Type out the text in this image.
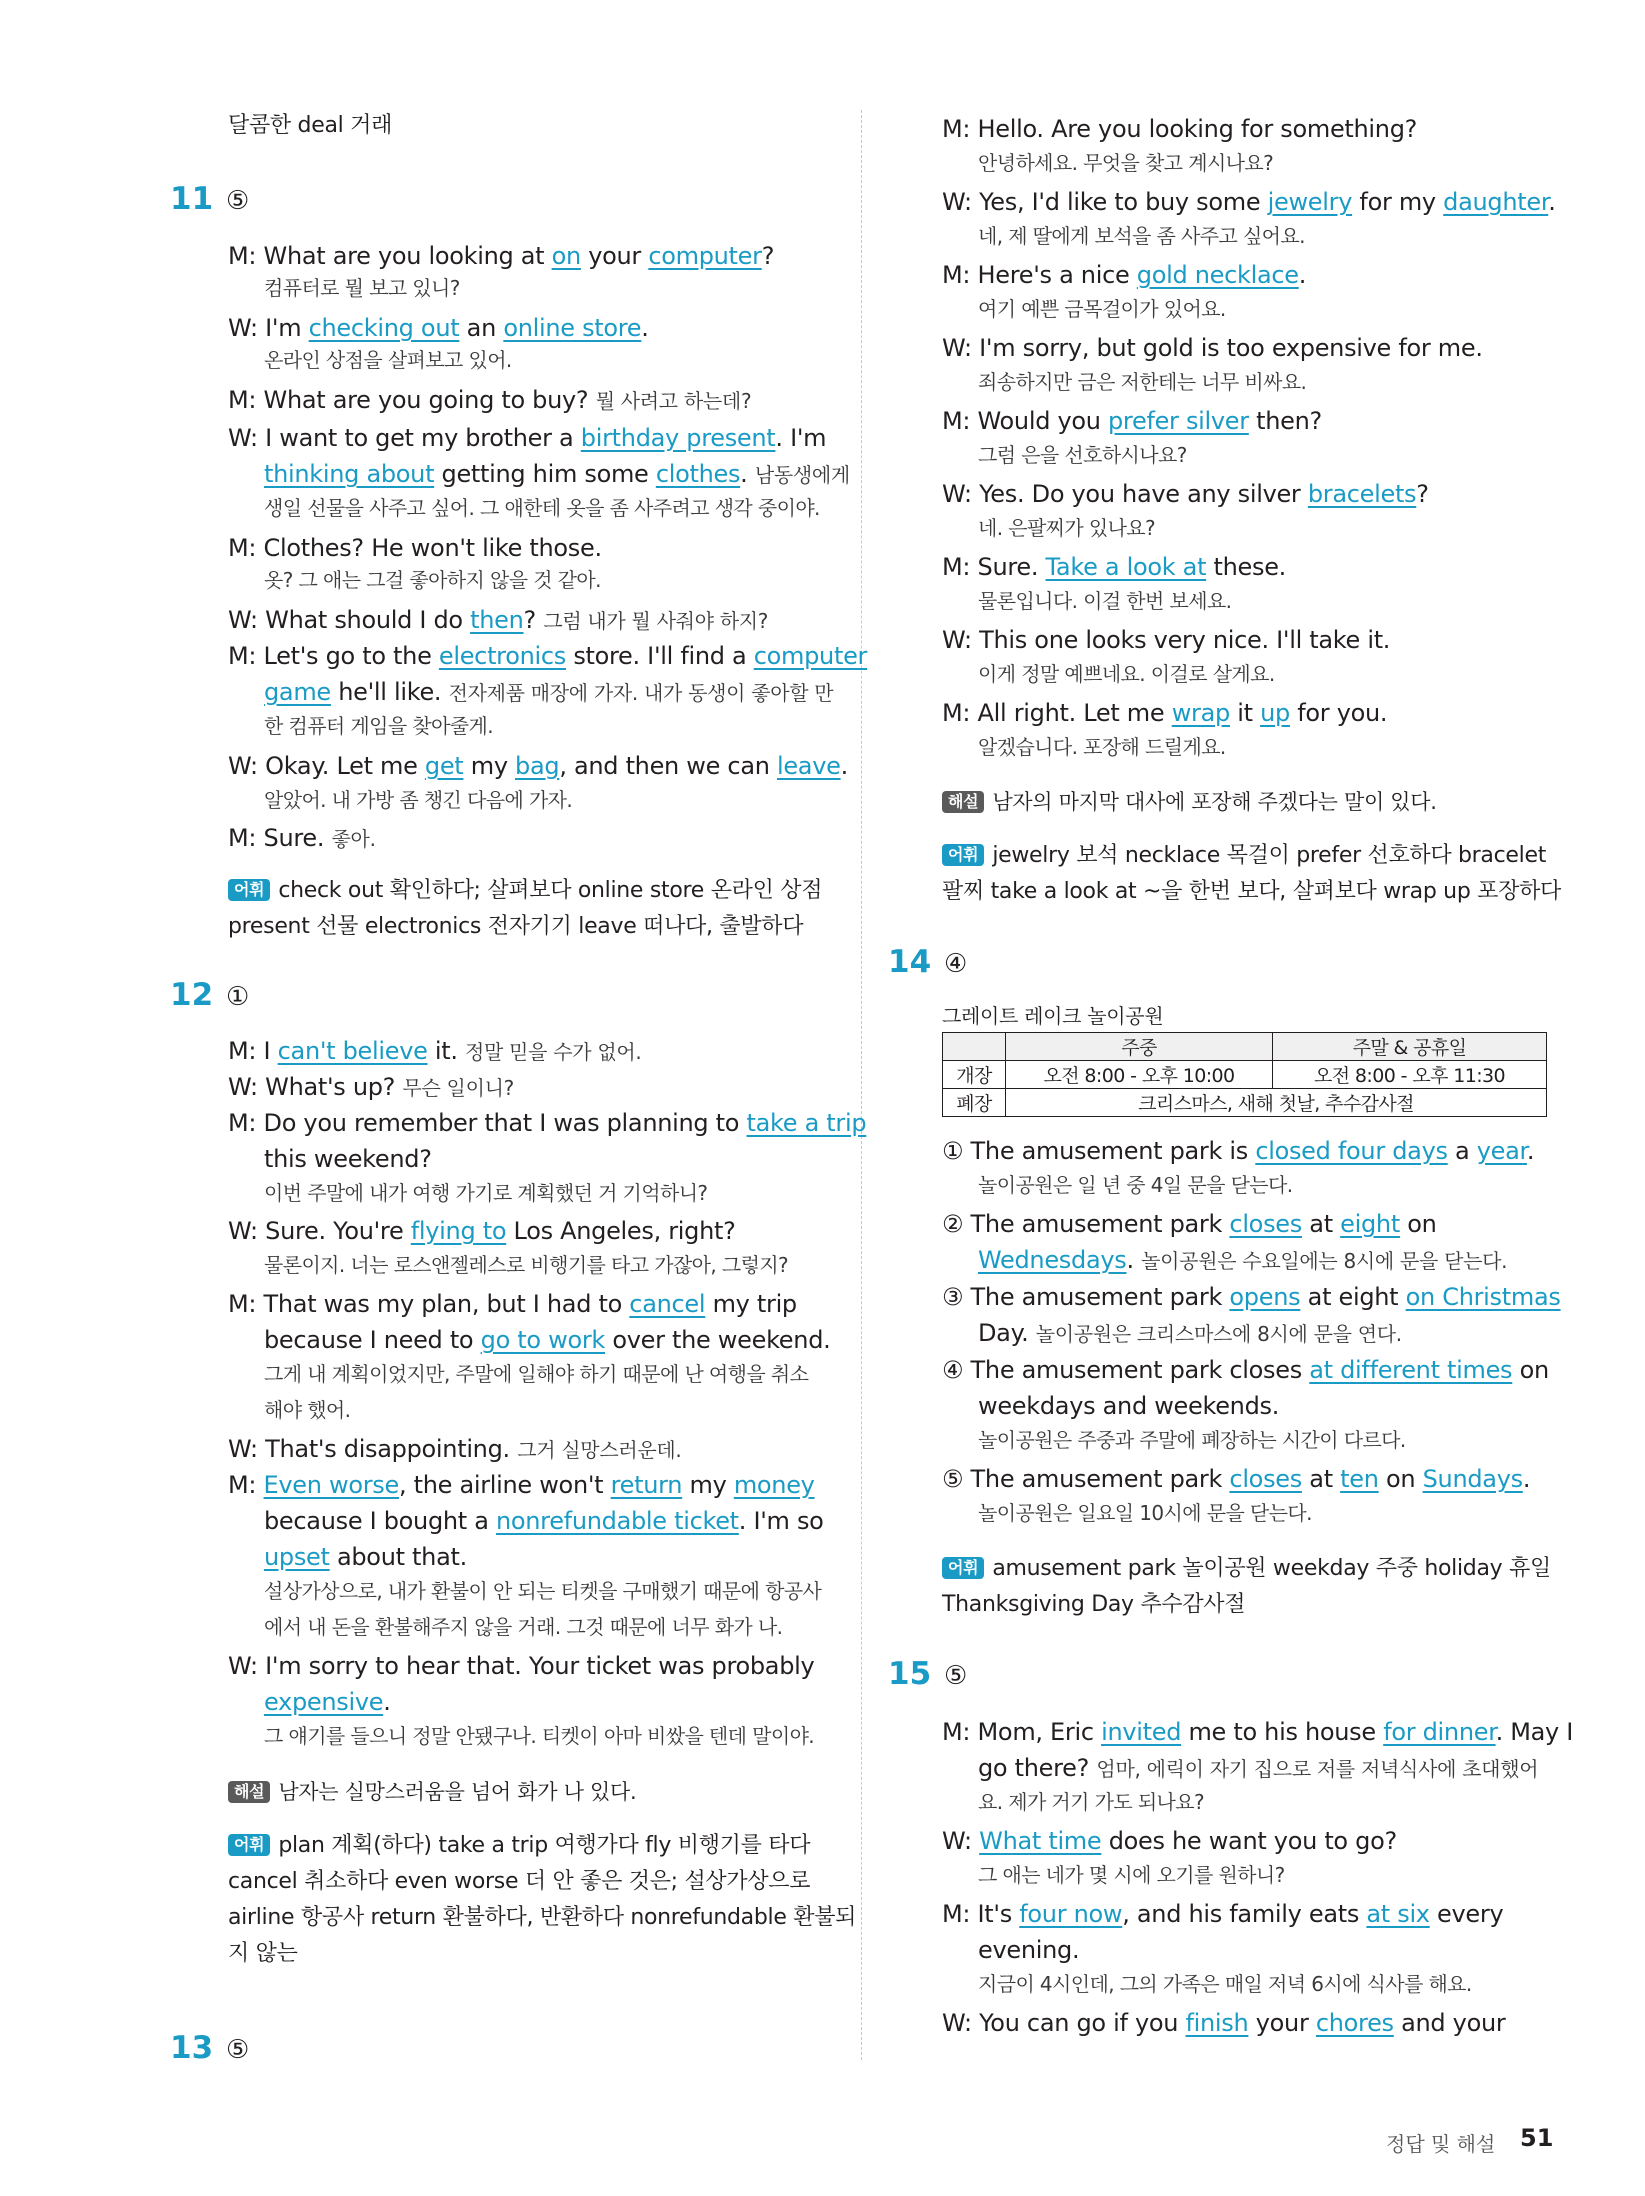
달콤한 deal 거래
11 ⑤
M: What are you looking at on your computer?
컴퓨터로 뭘 보고 있니?
W: I'm checking out an online store.
온라인 상점을 살펴보고 있어.
M: What are you going to buy? 뭘 사려고 하는데?
W: I want to get my brother a birthday present. I'm
thinking about getting him some clothes. 남동생에게
생일 선물을 사주고 싶어. 그 애한테 옷을 좀 사주려고 생각 중이야.
M: Clothes? He won't like those.
옷? 그 애는 그걸 좋아하지 않을 것 같아.
W: What should I do then? 그럼 내가 뭘 사줘야 하지?
M: Let's go to the electronics store. I'll find a computer
game he'll like. 전자제품 매장에 가자. 내가 동생이 좋아할 만
한 컴퓨터 게임을 찾아줄게.
W: Okay. Let me get my bag, and then we can leave.
알았어. 내 가방 좀 챙긴 다음에 가자.
M: Sure. 좋아.
어휘 check out 확인하다; 살펴보다 online store 온라인 상점
present 선물 electronics 전자기기 leave 떠나다, 출발하다
12 ①
M: I can't believe it. 정말 믿을 수가 없어.
W: What's up? 무슨 일이니?
M: Do you remember that I was planning to take a trip
this weekend?
이번 주말에 내가 여행 가기로 계획했던 거 기억하니?
W: Sure. You're flying to Los Angeles, right?
물론이지. 너는 로스앤젤레스로 비행기를 타고 가잖아, 그렇지?
M: That was my plan, but I had to cancel my trip
because I need to go to work over the weekend.
그게 내 계획이었지만, 주말에 일해야 하기 때문에 난 여행을 취소
해야 했어.
W: That's disappointing. 그거 실망스러운데.
M: Even worse, the airline won't return my money
because I bought a nonrefundable ticket. I'm so
upset about that.
설상가상으로, 내가 환불이 안 되는 티켓을 구매했기 때문에 항공사
에서 내 돈을 환불해주지 않을 거래. 그것 때문에 너무 화가 나.
W: I'm sorry to hear that. Your ticket was probably
expensive.
그 얘기를 들으니 정말 안됐구나. 티켓이 아마 비쌌을 텐데 말이야.
해설 남자는 실망스러움을 넘어 화가 나 있다.
어휘 plan 계획(하다) take a trip 여행가다 fly 비행기를 타다
cancel 취소하다 even worse 더 안 좋은 것은; 설상가상으로
airline 항공사 return 환불하다, 반환하다 nonrefundable 환불되
지 않는
13 ⑤
M: Hello. Are you looking for something?
안녕하세요. 무엇을 찾고 계시나요?
W: Yes, I'd like to buy some jewelry for my daughter.
네, 제 딸에게 보석을 좀 사주고 싶어요.
M: Here's a nice gold necklace.
여기 예쁜 금목걸이가 있어요.
W: I'm sorry, but gold is too expensive for me.
죄송하지만 금은 저한테는 너무 비싸요.
M: Would you prefer silver then?
그럼 은을 선호하시나요?
W: Yes. Do you have any silver bracelets?
네. 은팔찌가 있나요?
M: Sure. Take a look at these.
물론입니다. 이걸 한번 보세요.
W: This one looks very nice. I'll take it.
이게 정말 예쁘네요. 이걸로 살게요.
M: All right. Let me wrap it up for you.
알겠습니다. 포장해 드릴게요.
해설 남자의 마지막 대사에 포장해 주겠다는 말이 있다.
어휘 jewelry 보석 necklace 목걸이 prefer 선호하다 bracelet
팔찌 take a look at ~을 한번 보다, 살펴보다 wrap up 포장하다
14 ④
그레이트 레이크 놀이공원
	주중	주말 & 공휴일
개장	오전 8:00 - 오후 10:00	오전 8:00 - 오후 11:30
폐장	크리스마스, 새해 첫날, 추수감사절	
① The amusement park is closed four days a year.
놀이공원은 일 년 중 4일 문을 닫는다.
② The amusement park closes at eight on
Wednesdays. 놀이공원은 수요일에는 8시에 문을 닫는다.
③ The amusement park opens at eight on Christmas
Day. 놀이공원은 크리스마스에 8시에 문을 연다.
④ The amusement park closes at different times on
weekdays and weekends.
놀이공원은 주중과 주말에 폐장하는 시간이 다르다.
⑤ The amusement park closes at ten on Sundays.
놀이공원은 일요일 10시에 문을 닫는다.
어휘 amusement park 놀이공원 weekday 주중 holiday 휴일
Thanksgiving Day 추수감사절
15 ⑤
M: Mom, Eric invited me to his house for dinner. May I
go there? 엄마, 에릭이 자기 집으로 저를 저녁식사에 초대했어
요. 제가 거기 가도 되나요?
W: What time does he want you to go?
그 애는 네가 몇 시에 오기를 원하니?
M: It's four now, and his family eats at six every
evening.
지금이 4시인데, 그의 가족은 매일 저녁 6시에 식사를 해요.
W: You can go if you finish your chores and your
정답 및 해설 51
